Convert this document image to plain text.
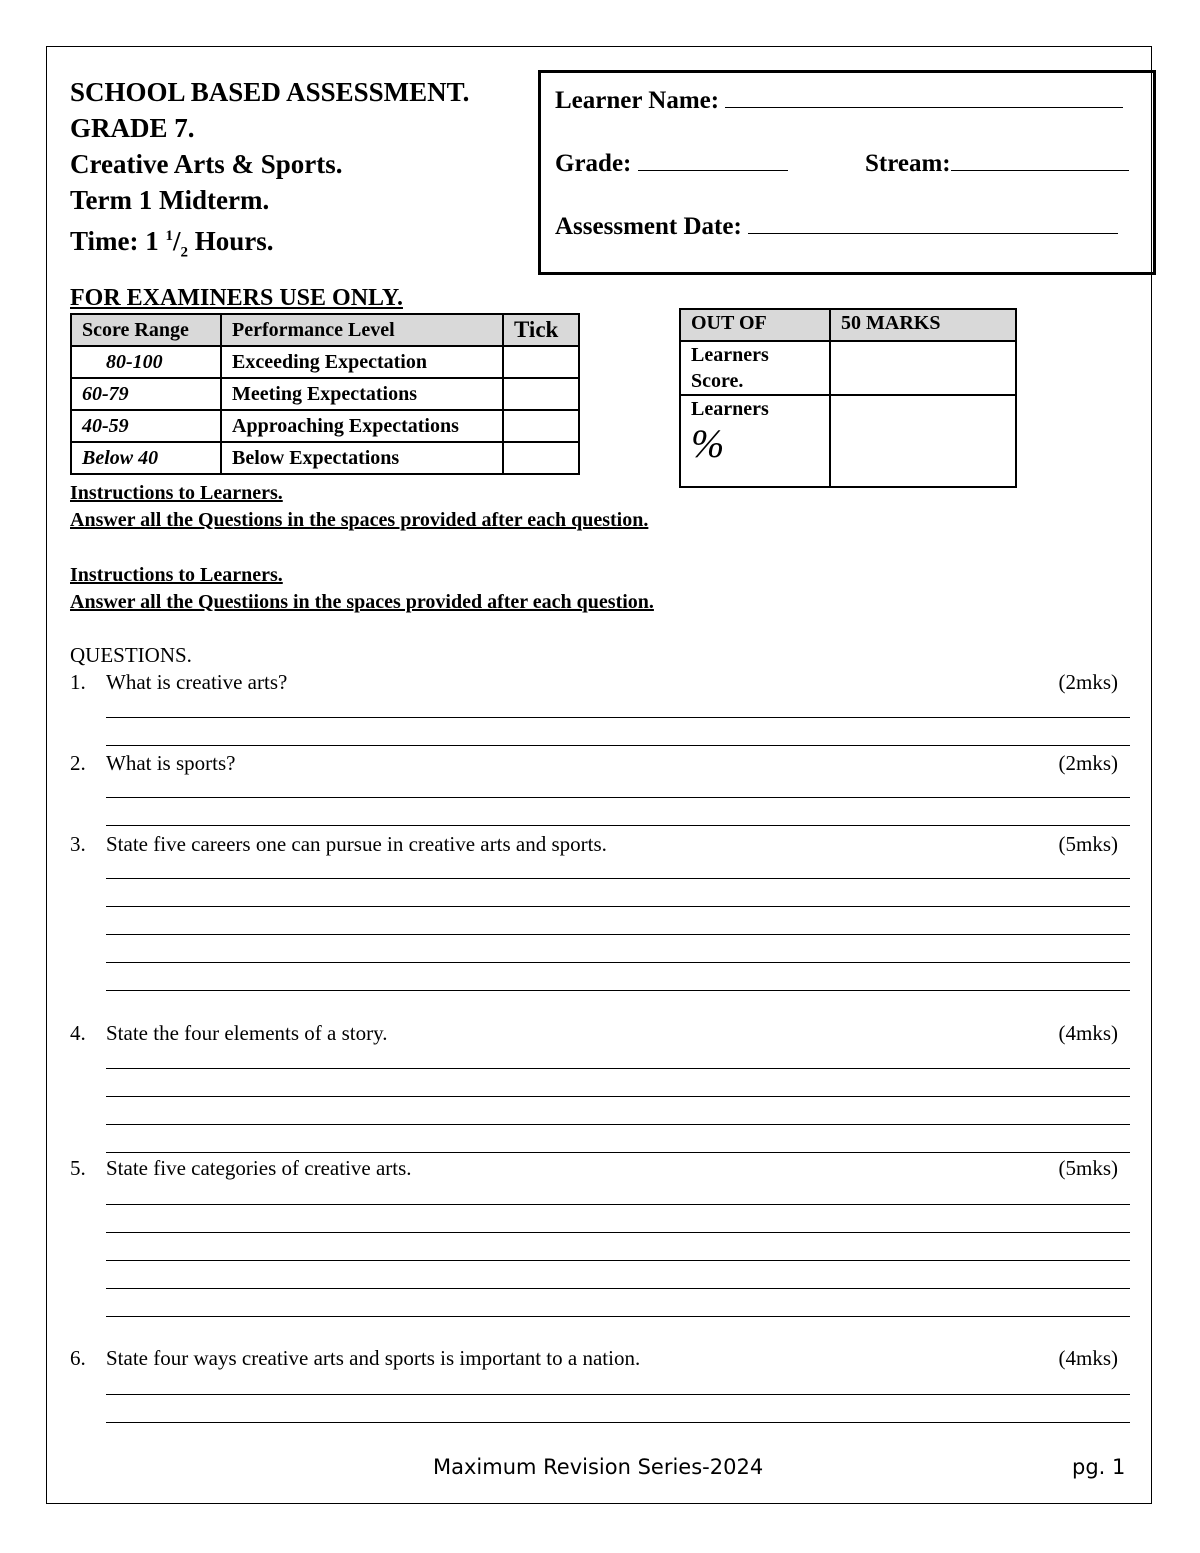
SCHOOL BASED ASSESSMENT.
GRADE 7.
Creative Arts & Sports.
Term 1 Midterm.
Time: 1 $^1/_2$ Hours.
Learner Name:
Grade:	Stream:
Assessment Date:
FOR EXAMINERS USE ONLY.
Score Range	Performance Level	Tick
80-100	Exceeding Expectation	
60-79	Meeting Expectations	
40-59	Approaching Expectations	
Below 40	Below Expectations	
OUT OF	50 MARKS

Learners
Score.	

Learners
%	

Instructions to Learners.
Answer all the Questions in the spaces provided after each question.
Instructions to Learners.
Answer all the Questiions in the spaces provided after each question.
QUESTIONS.
1. What is creative arts?	(2mks)
2. What is sports?	(2mks)
3. State five careers one can pursue in creative arts and sports.	(5mks)
4. State the four elements of a story.	(4mks)
5. State five categories of creative arts.	(5mks)
6. State four ways creative arts and sports is important to a nation.	(4mks)
Maximum Revision Series-2024	pg. 1
